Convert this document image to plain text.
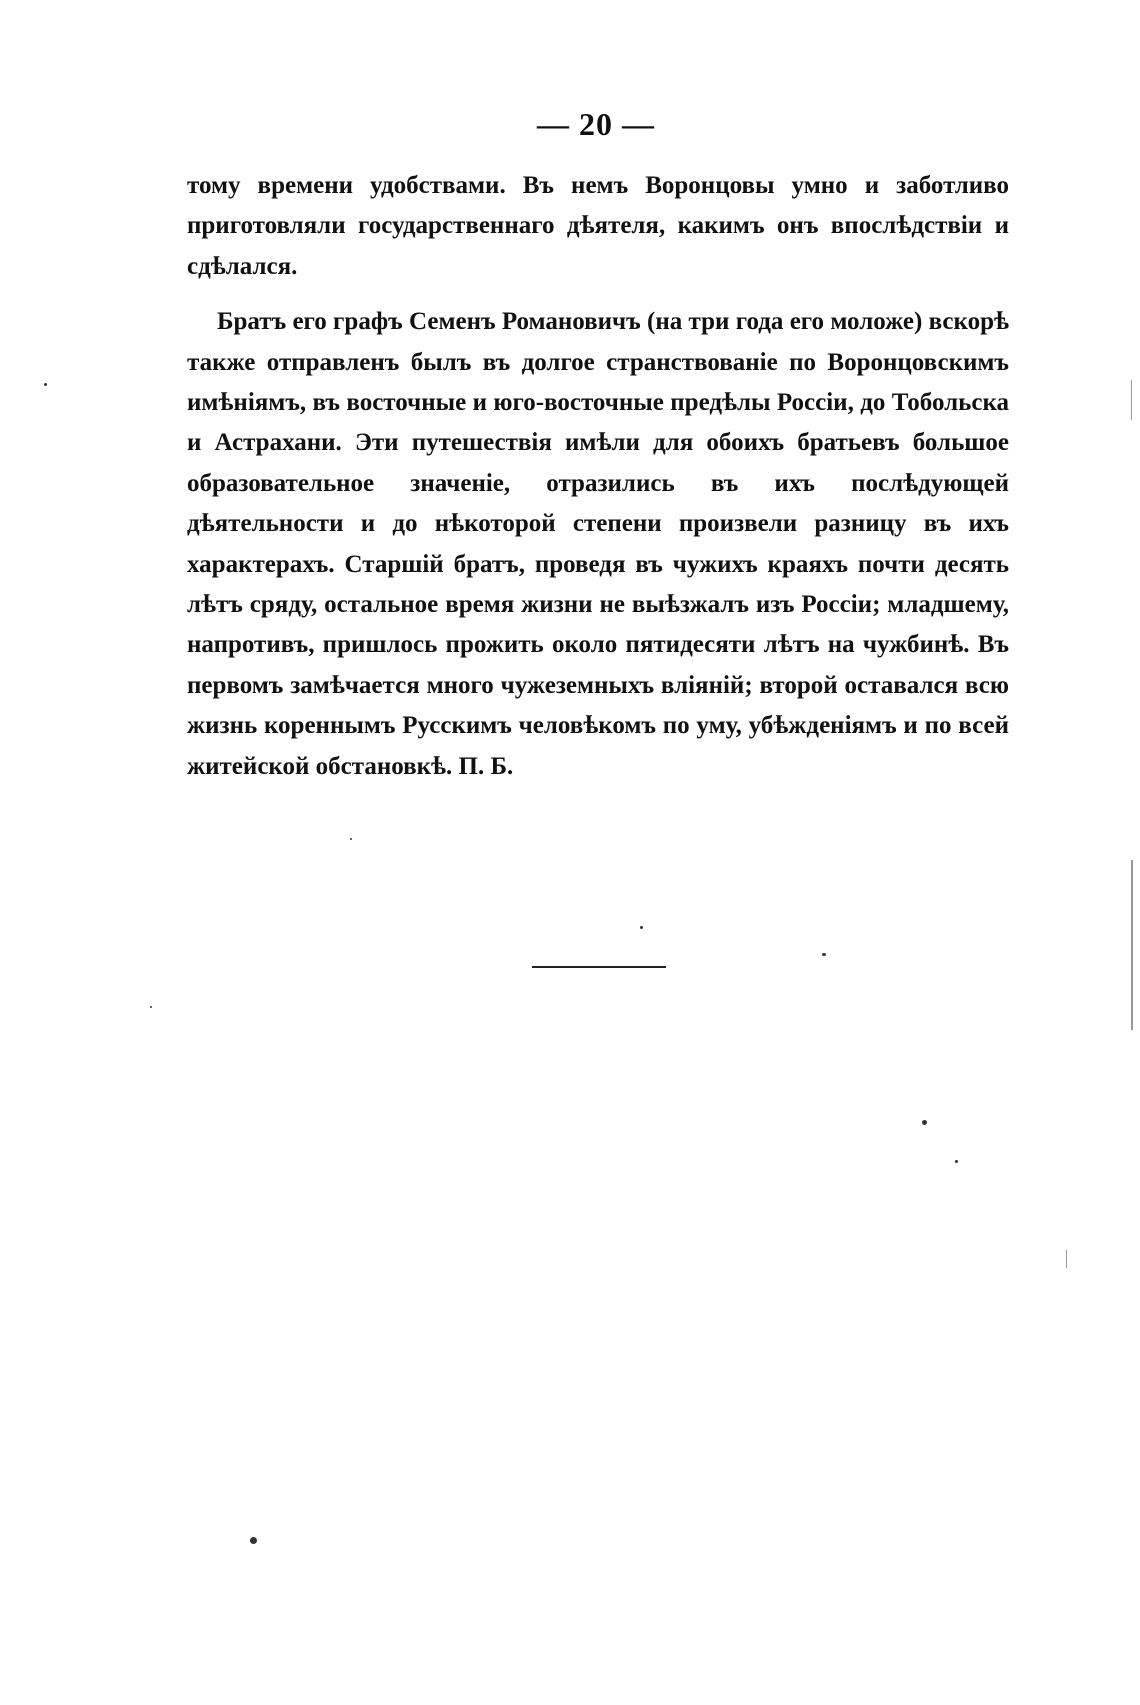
— 20 —

тому времени удобствами. Въ немъ Воронцовы умно и заботливо приготовляли государственнаго дѣятеля, какимъ онъ впослѣдствіи и сдѣлался.

Братъ его графъ Семенъ Романовичъ (на три года его моложе) вскорѣ также отправленъ былъ въ долгое странствованіе по Воронцовскимъ имѣніямъ, въ восточные и юго-восточные предѣлы Россіи, до Тобольска и Астрахани. Эти путешествія имѣли для обоихъ братьевъ большое образовательное значеніе, отразились въ ихъ послѣдующей дѣятельности и до нѣкоторой степени произвели разницу въ ихъ характерахъ. Старшій братъ, проведя въ чужихъ краяхъ почти десять лѣтъ сряду, остальное время жизни не выѣзжалъ изъ Россіи; младшему, напротивъ, пришлось прожить около пятидесяти лѣтъ на чужбинѣ. Въ первомъ замѣчается много чужеземныхъ вліяній; второй оставался всю жизнь кореннымъ Русскимъ человѣкомъ по уму, убѣжденіямъ и по всей житейской обстановкѣ. П. Б.
